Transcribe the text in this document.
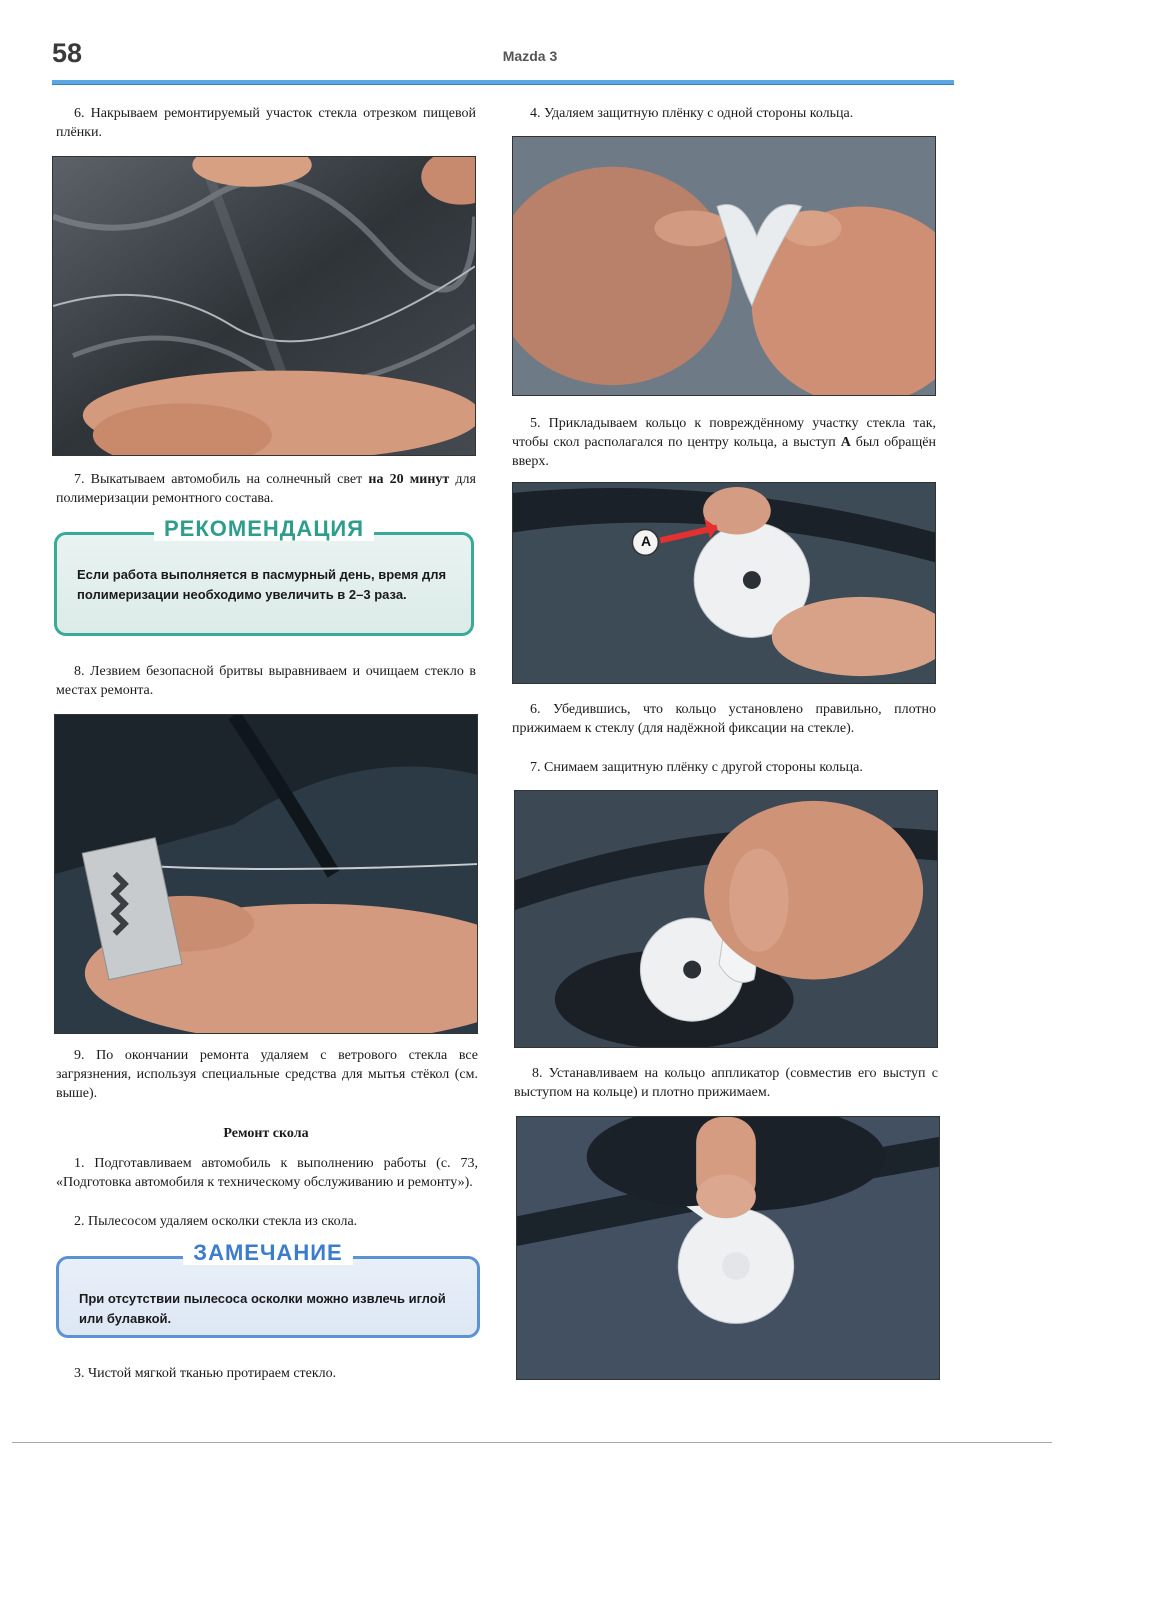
58	Mazda 3

6. Накрываем ремонтируемый участок стекла отрезком пищевой плёнки.

7. Выкатываем автомобиль на солнечный свет на 20 минут для полимеризации ремонтного состава.

РЕКОМЕНДАЦИЯ
Если работа выполняется в пасмурный день, время для полимеризации необходимо увеличить в 2–3 раза.

8. Лезвием безопасной бритвы выравниваем и очищаем стекло в местах ремонта.

9. По окончании ремонта удаляем с ветрового стекла все загрязнения, используя специальные средства для мытья стёкол (см. выше).

Ремонт скола

1. Подготавливаем автомобиль к выполнению работы (с. 73, «Подготовка автомобиля к техническому обслуживанию и ремонту»).

2. Пылесосом удаляем осколки стекла из скола.

ЗАМЕЧАНИЕ
При отсутствии пылесоса осколки можно извлечь иглой или булавкой.

3. Чистой мягкой тканью протираем стекло.

4. Удаляем защитную плёнку с одной стороны кольца.

5. Прикладываем кольцо к повреждённому участку стекла так, чтобы скол располагался по центру кольца, а выступ А был обращён вверх.

A

6. Убедившись, что кольцо установлено правильно, плотно прижимаем к стеклу (для надёжной фиксации на стекле).

7. Снимаем защитную плёнку с другой стороны кольца.

8. Устанавливаем на кольцо аппликатор (совместив его выступ с выступом на кольце) и плотно прижимаем.
